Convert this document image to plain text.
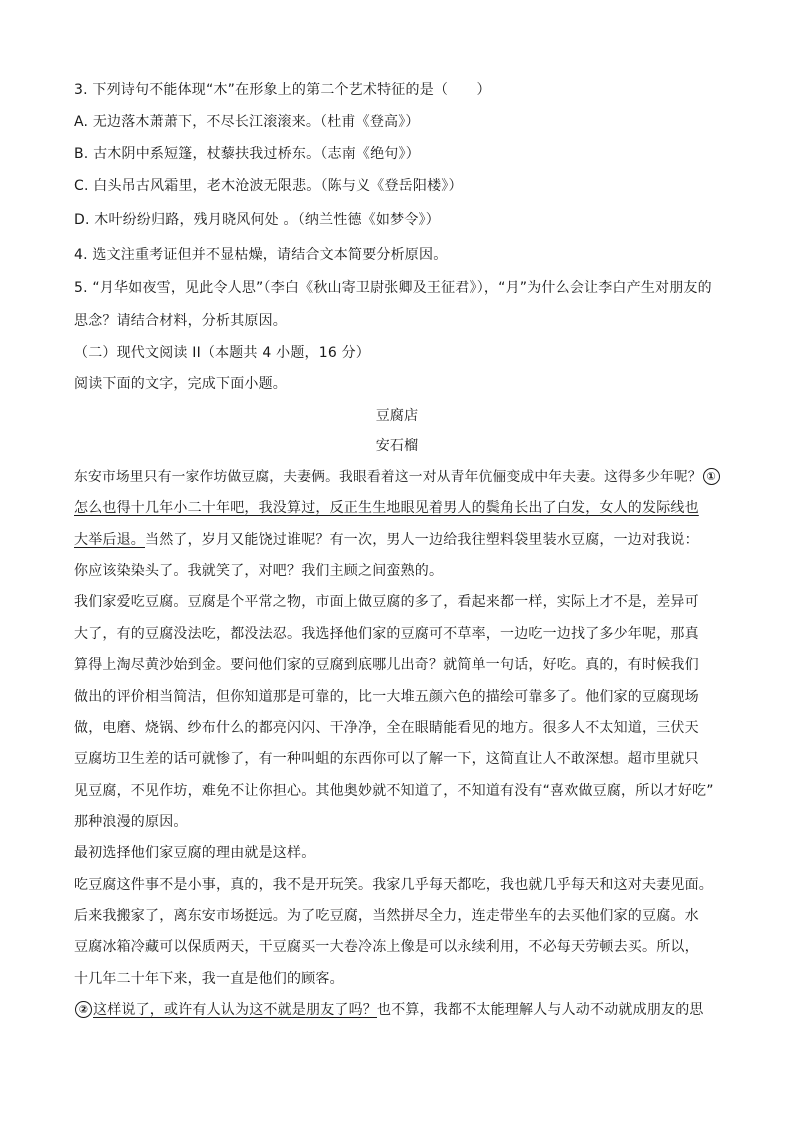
3. 下列诗句不能体现“木”在形象上的第二个艺术特征的是（　　）
A. 无边落木萧萧下，不尽长江滚滚来。（杜甫《登高》）
B. 古木阴中系短篷，杖藜扶我过桥东。（志南《绝句》）
C. 白头吊古风霜里，老木沧波无限悲。（陈与义《登岳阳楼》）
D. 木叶纷纷归路，残月晓风何处 。（纳兰性德《如梦令》）
4. 选文注重考证但并不显枯燥，请结合文本简要分析原因。
5. “月华如夜雪，见此令人思”（李白《秋山寄卫尉张卿及王征君》），“月”为什么会让李白产生对朋友的
思念？请结合材料，分析其原因。
（二）现代文阅读 II（本题共 4 小题，16 分）
阅读下面的文字，完成下面小题。
豆腐店
安石榴
东安市场里只有一家作坊做豆腐，夫妻俩。我眼看着这一对从青年伉俪变成中年夫妻。这得多少年呢？ ①
怎么也得十几年小二十年吧，我没算过，反正生生地眼见着男人的鬓角长出了白发，女人的发际线也
大举后退。当然了，岁月又能饶过谁呢？有一次，男人一边给我往塑料袋里装水豆腐，一边对我说：
你应该染染头了。我就笑了，对吧？我们主顾之间蛮熟的。
我们家爱吃豆腐。豆腐是个平常之物，市面上做豆腐的多了，看起来都一样，实际上才不是，差异可
大了，有的豆腐没法吃，都没法忍。我选择他们家的豆腐可不草率，一边吃一边找了多少年呢，那真
算得上淘尽黄沙始到金。要问他们家的豆腐到底哪儿出奇？就简单一句话，好吃。真的，有时候我们
做出的评价相当简洁，但你知道那是可靠的，比一大堆五颜六色的描绘可靠多了。他们家的豆腐现场
做，电磨、烧锅、纱布什么的都亮闪闪、干净净，全在眼睛能看见的地方。很多人不太知道，三伏天
豆腐坊卫生差的话可就惨了，有一种叫蛆的东西你可以了解一下，这简直让人不敢深想。超市里就只
见豆腐，不见作坊，难免不让你担心。其他奥妙就不知道了，不知道有没有“喜欢做豆腐，所以才好吃”
那种浪漫的原因。
最初选择他们家豆腐的理由就是这样。
吃豆腐这件事不是小事，真的，我不是开玩笑。我家几乎每天都吃，我也就几乎每天和这对夫妻见面。
后来我搬家了，离东安市场挺远。为了吃豆腐，当然拼尽全力，连走带坐车的去买他们家的豆腐。水
豆腐冰箱冷藏可以保质两天，干豆腐买一大卷冷冻上像是可以永续利用，不必每天劳顿去买。所以，
十几年二十年下来，我一直是他们的顾客。
② 这样说了，或许有人认为这不就是朋友了吗？也不算，我都不太能理解人与人动不动就成朋友的思
